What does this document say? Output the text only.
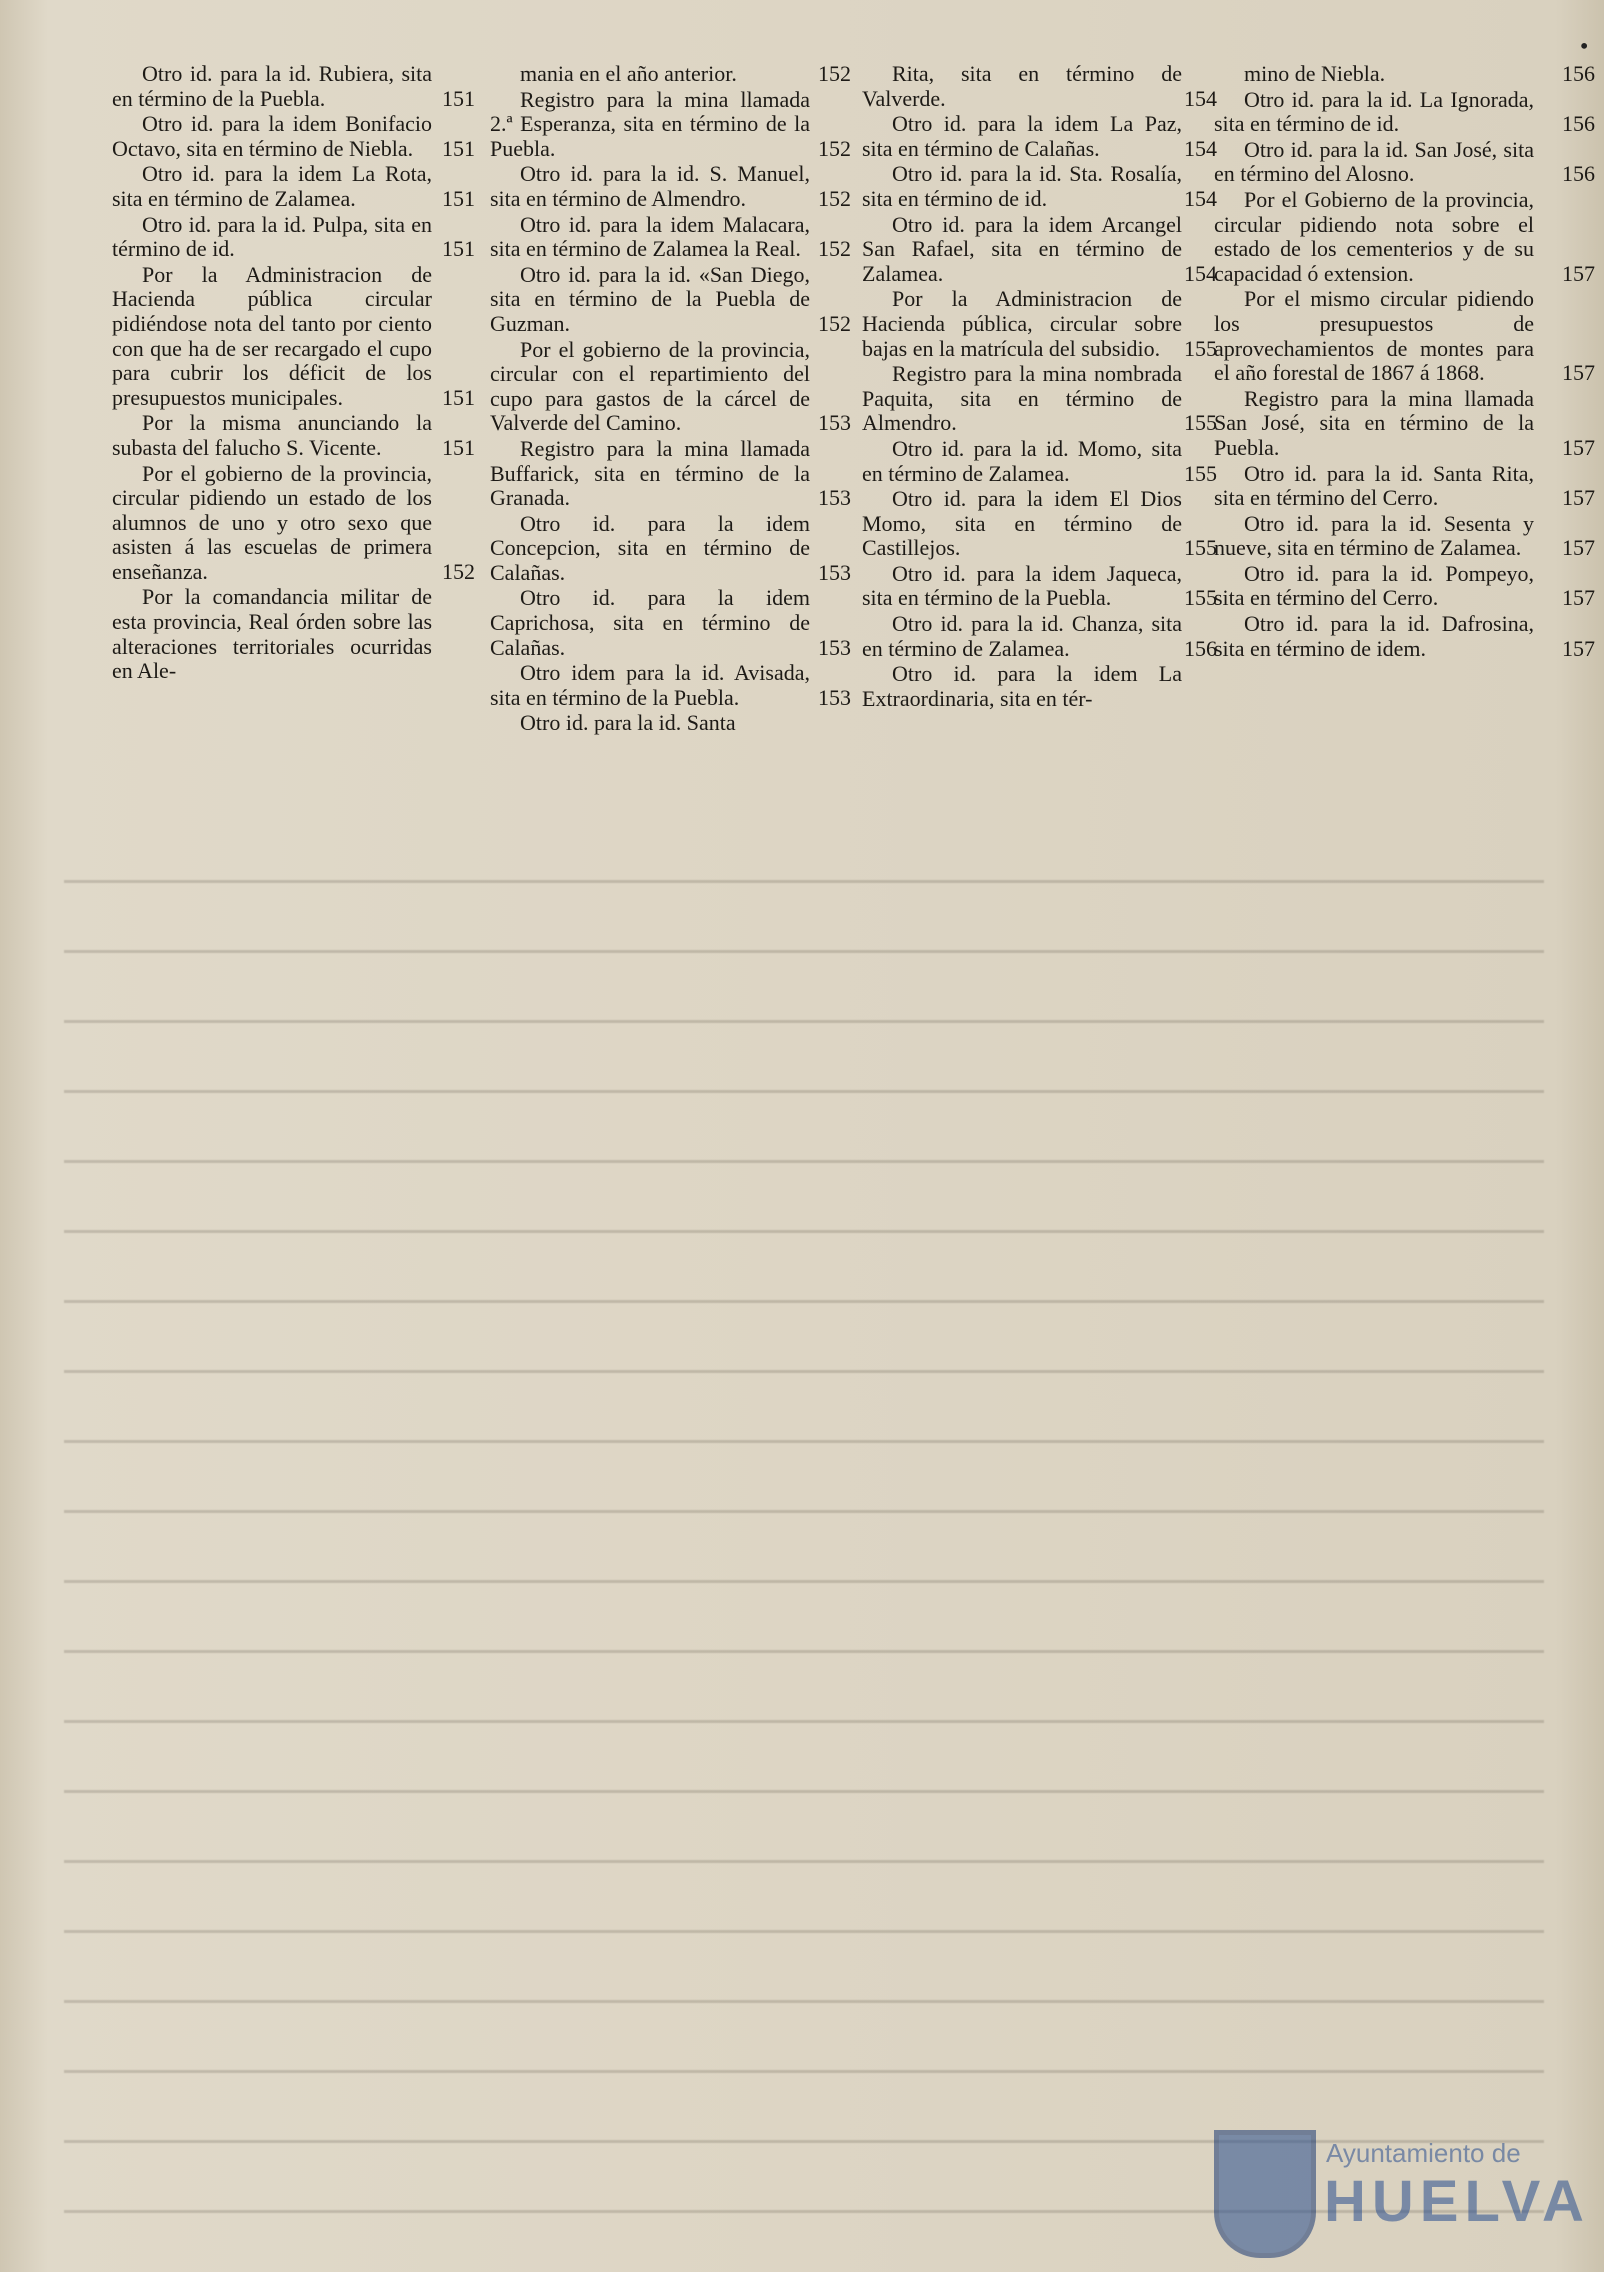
•
Otro id. para la id. Rubiera, sita en término de la Puebla.	151
Otro id. para la idem Bonifacio Octavo, sita en término de Niebla.	151
Otro id. para la idem La Rota, sita en término de Zalamea.	151
Otro id. para la id. Pulpa, sita en término de id.	151
Por la Administracion de Hacienda pública circular pidiéndose nota del tanto por ciento con que ha de ser recargado el cupo para cubrir los déficit de los presupuestos municipales.	151
Por la misma anunciando la subasta del falucho S. Vicente.	151
Por el gobierno de la provincia, circular pidiendo un estado de los alumnos de uno y otro sexo que asisten á las escuelas de primera enseñanza.	152
Por la comandancia militar de esta provincia, Real órden sobre las alteraciones territoriales ocurridas en Ale-
mania en el año anterior.	152
Registro para la mina llamada 2.ª Esperanza, sita en término de la Puebla.	152
Otro id. para la id. S. Manuel, sita en término de Almendro.	152
Otro id. para la idem Malacara, sita en término de Zalamea la Real. 152
Otro id. para la id. «San Diego, sita en término de la Puebla de Guzman.	152
Por el gobierno de la provincia, circular con el repartimiento del cupo para gastos de la cárcel de Valverde del Camino.	153
Registro para la mina llamada Buffarick, sita en término de la Granada.	153
Otro id. para la idem Concepcion, sita en término de Calañas.	153
Otro id. para la idem Caprichosa, sita en término de Calañas.	153
Otro idem para la id. Avisada, sita en término de la Puebla.	153
Otro id. para la id. Santa
Rita, sita en término de Valverde.	154
Otro id. para la idem La Paz, sita en término de Calañas.	154
Otro id. para la id. Sta. Rosalía, sita en término de id.	154
Otro id. para la idem Arcangel San Rafael, sita en término de Zalamea.	154
Por la Administracion de Hacienda pública, circular sobre bajas en la matrícula del subsidio.	155
Registro para la mina nombrada Paquita, sita en término de Almendro.	155
Otro id. para la id. Momo, sita en término de Zalamea.	155
Otro id. para la idem El Dios Momo, sita en término de Castillejos.	155
Otro id. para la idem Jaqueca, sita en término de la Puebla.	155
Otro id. para la id. Chanza, sita en término de Zalamea.	156
Otro id. para la idem La Extraordinaria, sita en tér-
mino de Niebla.	156
Otro id. para la id. La Ignorada, sita en término de id.	156
Otro id. para la id. San José, sita en término del Alosno.	156
Por el Gobierno de la provincia, circular pidiendo nota sobre el estado de los cementerios y de su capacidad ó extension.	157
Por el mismo circular pidiendo los presupuestos de aprovechamientos de montes para el año forestal de 1867 á 1868.	157
Registro para la mina llamada San José, sita en término de la Puebla.	157
Otro id. para la id. Santa Rita, sita en término del Cerro.	157
Otro id. para la id. Sesenta y nueve, sita en término de Zalamea.	157
Otro id. para la id. Pompeyo, sita en término del Cerro.	157
Otro id. para la id. Dafrosina, sita en término de idem.	157
Ayuntamiento de
HUELVA
